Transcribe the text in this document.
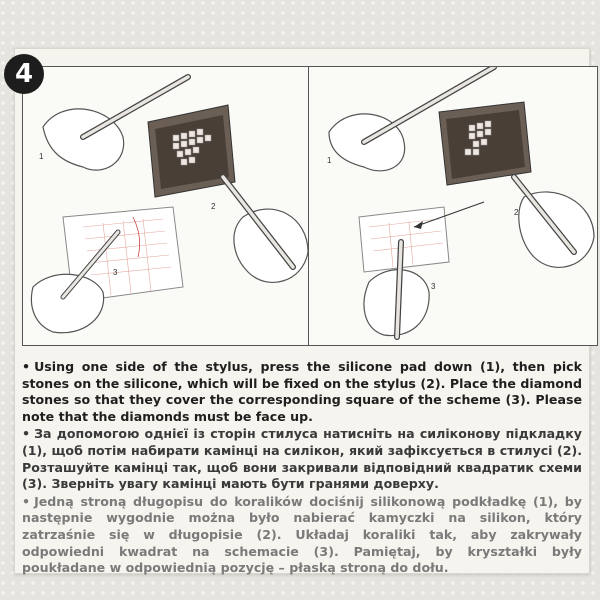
4
1
2
3
1
2
3

• Using one side of the stylus, press the silicone pad down (1), then pick stones on the silicone, which will be fixed on the stylus (2). Place the diamond stones so that they cover the corresponding square of the scheme (3). Please note that the diamonds must be face up.

• За допомогою однієї із сторін стилуса натисніть на силіконову підкладку (1), щоб потім набирати камінці на силікон, який зафіксується в стилусі (2). Розташуйте камінці так, щоб вони закривали відповідний квадратик схеми (3). Зверніть увагу камінці мають бути гранями доверху.

• Jedną stroną długopisu do koralików dociśnij silikonową podkładkę (1), by następnie wygodnie można było nabierać kamyczki na silikon, który zatrzaśnie się w długopisie (2). Układaj koraliki tak, aby zakrywały odpowiedni kwadrat na schemacie (3). Pamiętaj, by kryształki były poukładane w odpowiednią pozycję – płaską stroną do dołu.
